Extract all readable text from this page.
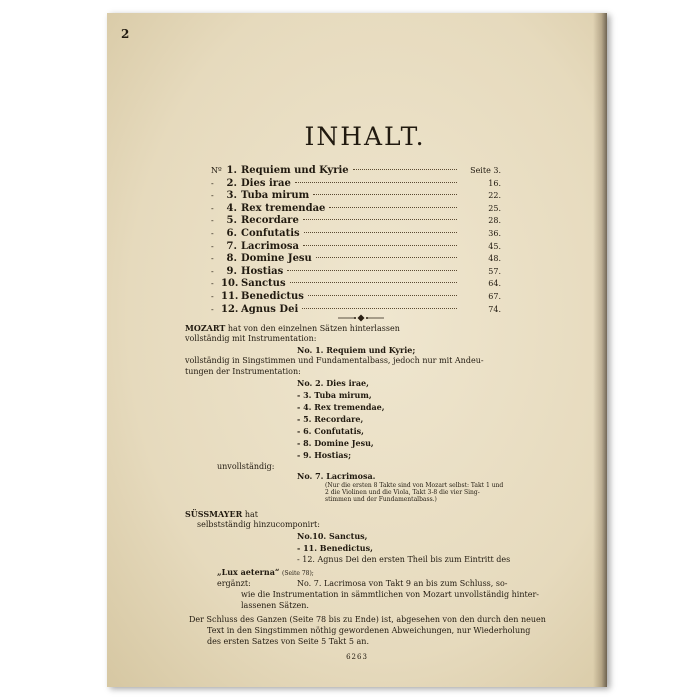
2
INHALT.
Nº 1. Requiem und Kyrie	Seite 3.
-	2. Dies irae	16.
-	3. Tuba mirum	22.
-	4. Rex tremendae	25.
-	5. Recordare	28.
-	6. Confutatis	36.
-	7. Lacrimosa	45.
-	8. Domine Jesu	48.
-	9. Hostias	57.
- 10. Sanctus	64.
- 11. Benedictus	67.
- 12. Agnus Dei	74.
MOZART hat von den einzelnen Sätzen hinterlassen
vollständig mit Instrumentation:
No. 1. Requiem und Kyrie;
vollständig in Singstimmen und Fundamentalbass, jedoch nur mit Andeu-
tungen der Instrumentation:
No. 2. Dies irae,
- 3. Tuba mirum,
- 4. Rex tremendae,
- 5. Recordare,
- 6. Confutatis,
- 8. Domine Jesu,
- 9. Hostias;
unvollständig:
No. 7. Lacrimosa.
(Nur die ersten 8 Takte sind von Mozart selbst: Takt 1 und
2 die Violinen und die Viola, Takt 3-8 die vier Sing-
stimmen und der Fundamentalbass.)
SÜSSMAYER hat
selbstständig hinzucomponirt:
No.10. Sanctus,
- 11. Benedictus,
- 12. Agnus Dei den ersten Theil bis zum Eintritt des
„Lux aeterna“ (Seite 78);
ergänzt:	No. 7. Lacrimosa von Takt 9 an bis zum Schluss, so-
wie die Instrumentation in sämmtlichen von Mozart unvollständig hinter-
lassenen Sätzen.
Der Schluss des Ganzen (Seite 78 bis zu Ende) ist, abgesehen von den durch den neuen
Text in den Singstimmen nöthig gewordenen Abweichungen, nur Wiederholung
des ersten Satzes von Seite 5 Takt 5 an.
6263
